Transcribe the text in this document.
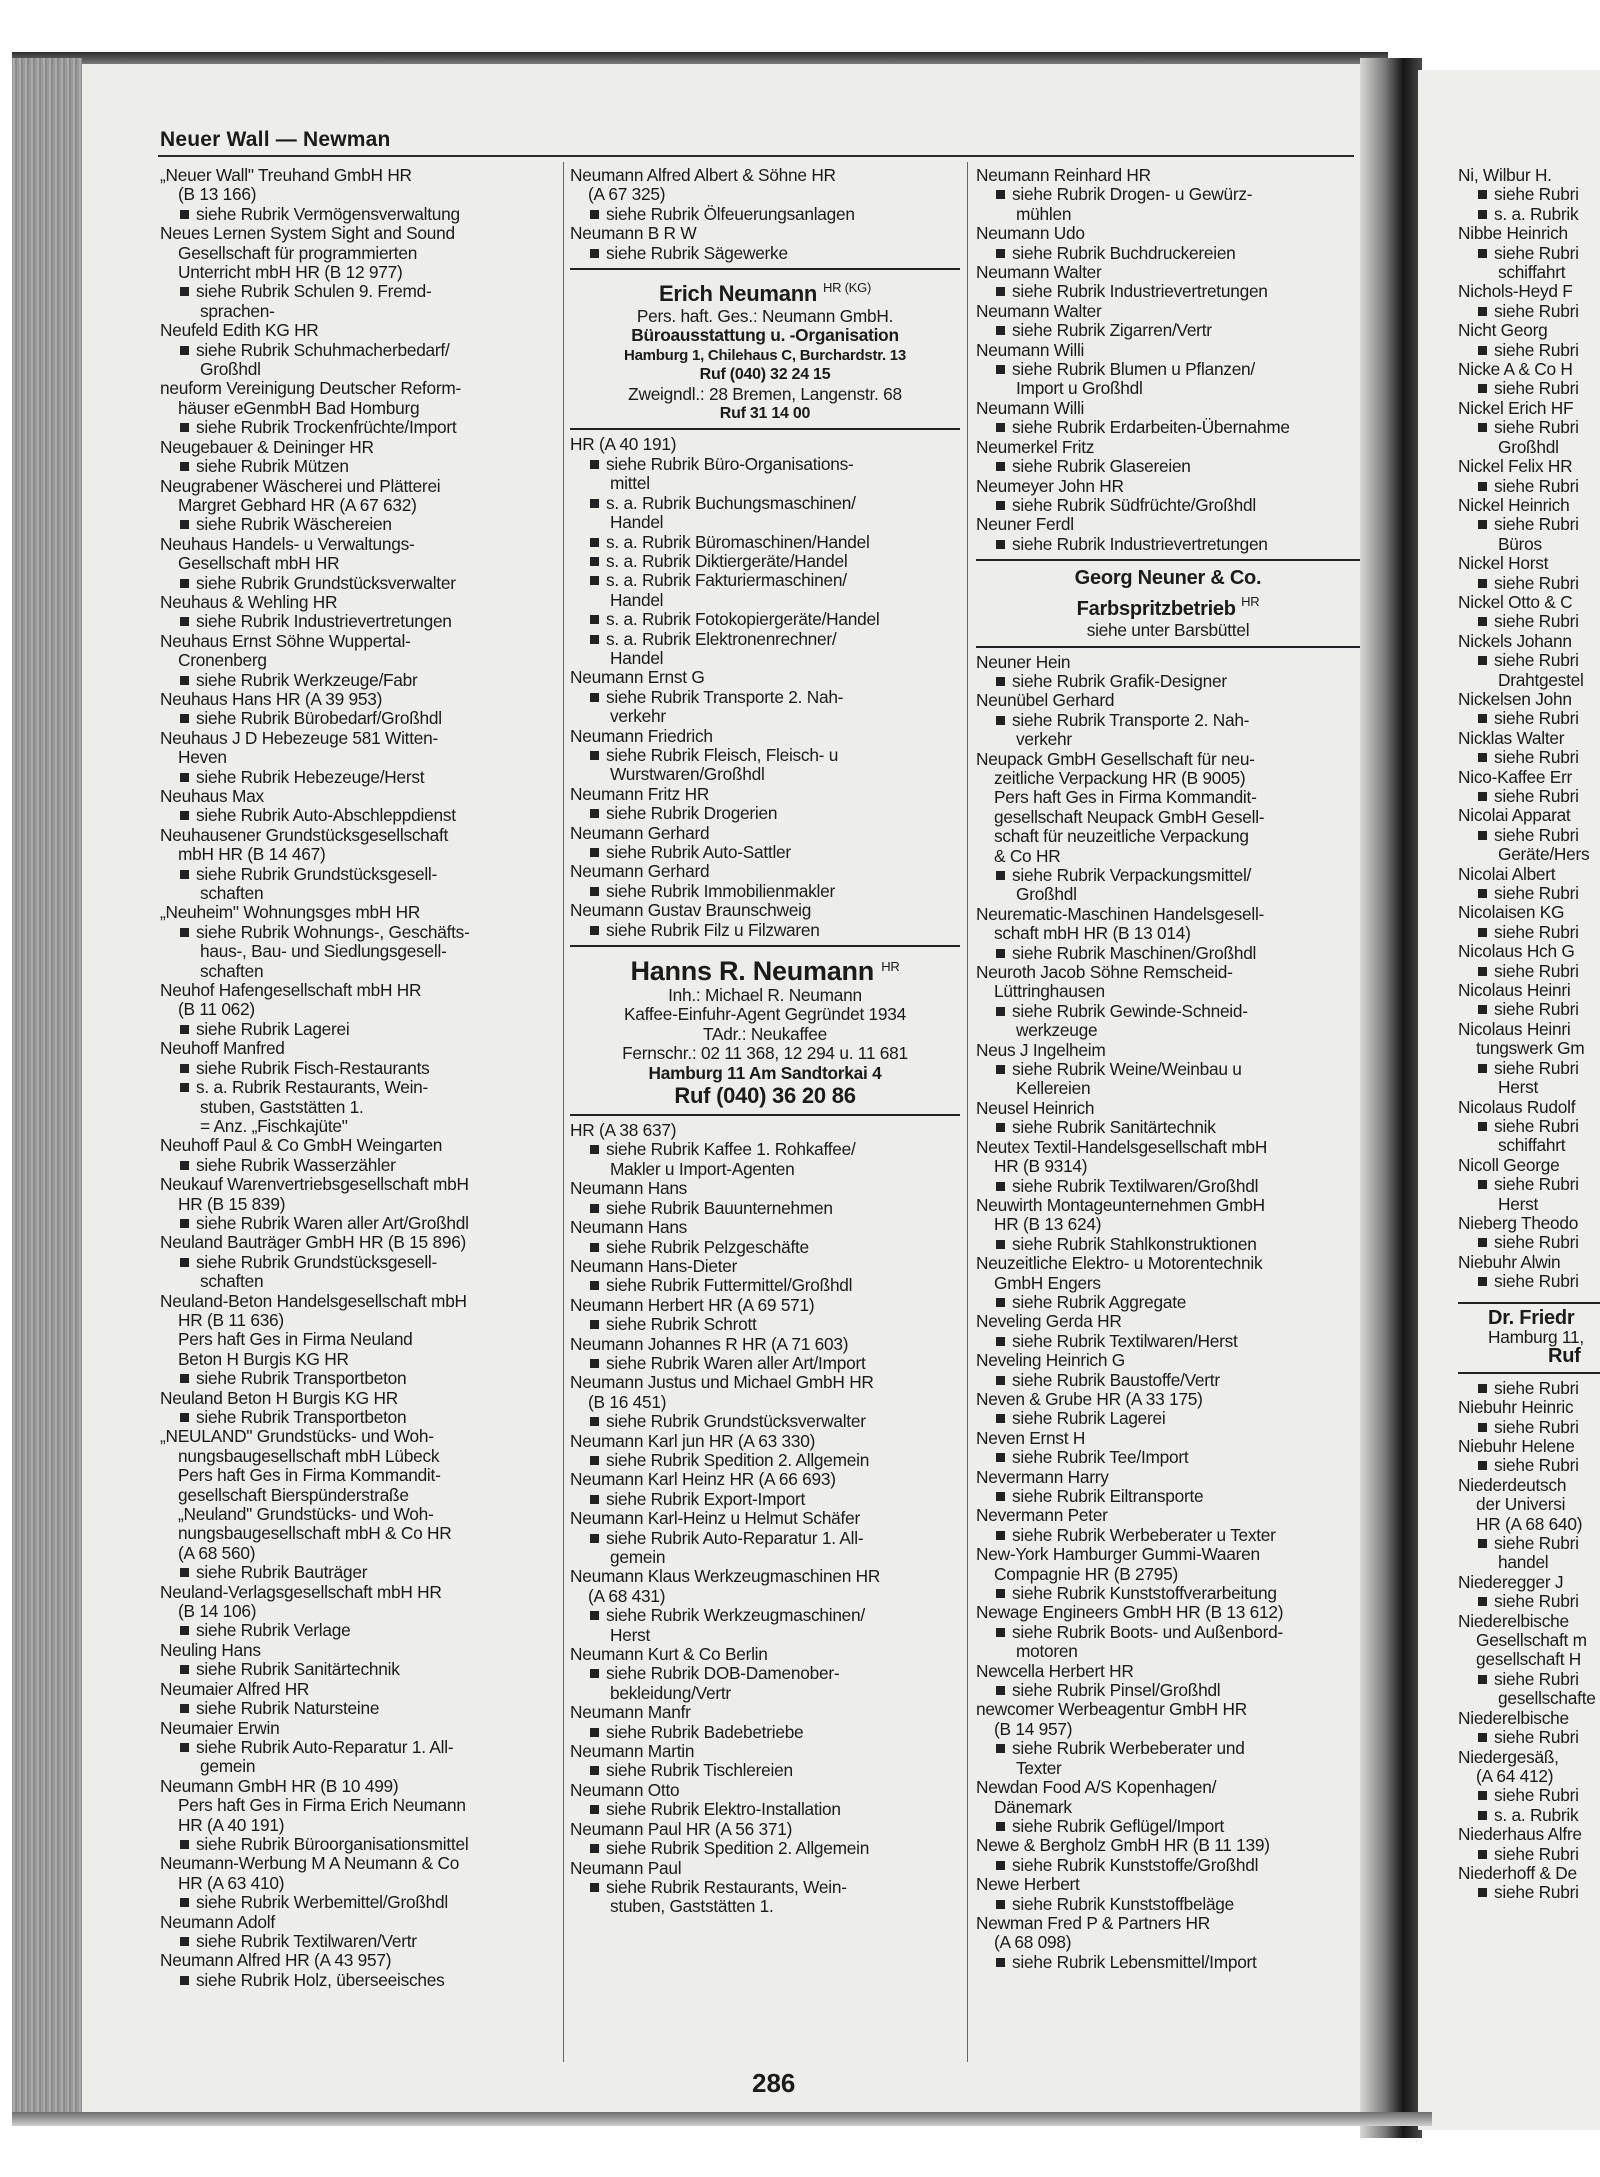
Neuer Wall — Newman
„Neuer Wall" Treuhand GmbH HR
(B 13 166)
siehe Rubrik Vermögensverwaltung
Neues Lernen System Sight and Sound
Gesellschaft für programmierten
Unterricht mbH HR (B 12 977)
siehe Rubrik Schulen 9. Fremd-
sprachen-
Neufeld Edith KG HR
siehe Rubrik Schuhmacherbedarf/
Großhdl
neuform Vereinigung Deutscher Reform-
häuser eGenmbH Bad Homburg
siehe Rubrik Trockenfrüchte/Import
Neugebauer & Deininger HR
siehe Rubrik Mützen
Neugrabener Wäscherei und Plätterei
Margret Gebhard HR (A 67 632)
siehe Rubrik Wäschereien
Neuhaus Handels- u Verwaltungs-
Gesellschaft mbH HR
siehe Rubrik Grundstücksverwalter
Neuhaus & Wehling HR
siehe Rubrik Industrievertretungen
Neuhaus Ernst Söhne Wuppertal-
Cronenberg
siehe Rubrik Werkzeuge/Fabr
Neuhaus Hans HR (A 39 953)
siehe Rubrik Bürobedarf/Großhdl
Neuhaus J D Hebezeuge 581 Witten-
Heven
siehe Rubrik Hebezeuge/Herst
Neuhaus Max
siehe Rubrik Auto-Abschleppdienst
Neuhausener Grundstücksgesellschaft
mbH HR (B 14 467)
siehe Rubrik Grundstücksgesell-
schaften
„Neuheim" Wohnungsges mbH HR
siehe Rubrik Wohnungs-, Geschäfts-
haus-, Bau- und Siedlungsgesell-
schaften
Neuhof Hafengesellschaft mbH HR
(B 11 062)
siehe Rubrik Lagerei
Neuhoff Manfred
siehe Rubrik Fisch-Restaurants
s. a. Rubrik Restaurants, Wein-
stuben, Gaststätten 1.
= Anz. „Fischkajüte"
Neuhoff Paul & Co GmbH Weingarten
siehe Rubrik Wasserzähler
Neukauf Warenvertriebsgesellschaft mbH
HR (B 15 839)
siehe Rubrik Waren aller Art/Großhdl
Neuland Bauträger GmbH HR (B 15 896)
siehe Rubrik Grundstücksgesell-
schaften
Neuland-Beton Handelsgesellschaft mbH
HR (B 11 636)
Pers haft Ges in Firma Neuland
Beton H Burgis KG HR
siehe Rubrik Transportbeton
Neuland Beton H Burgis KG HR
siehe Rubrik Transportbeton
„NEULAND" Grundstücks- und Woh-
nungsbaugesellschaft mbH Lübeck
Pers haft Ges in Firma Kommandit-
gesellschaft Bierspünderstraße
„Neuland" Grundstücks- und Woh-
nungsbaugesellschaft mbH & Co HR
(A 68 560)
siehe Rubrik Bauträger
Neuland-Verlagsgesellschaft mbH HR
(B 14 106)
siehe Rubrik Verlage
Neuling Hans
siehe Rubrik Sanitärtechnik
Neumaier Alfred HR
siehe Rubrik Natursteine
Neumaier Erwin
siehe Rubrik Auto-Reparatur 1. All-
gemein
Neumann GmbH HR (B 10 499)
Pers haft Ges in Firma Erich Neumann
HR (A 40 191)
siehe Rubrik Büroorganisationsmittel
Neumann-Werbung M A Neumann & Co
HR (A 63 410)
siehe Rubrik Werbemittel/Großhdl
Neumann Adolf
siehe Rubrik Textilwaren/Vertr
Neumann Alfred HR (A 43 957)
siehe Rubrik Holz, überseeisches
Neumann Alfred Albert & Söhne HR
(A 67 325)
siehe Rubrik Ölfeuerungsanlagen
Neumann B R W
siehe Rubrik Sägewerke
Erich Neumann $^{HR (KG)}$
Pers. haft. Ges.: Neumann GmbH.
Büroausstattung u. -Organisation
Hamburg 1, Chilehaus C, Burchardstr. 13
Ruf (040) 32 24 15
Zweigndl.: 28 Bremen, Langenstr. 68
Ruf 31 14 00
HR (A 40 191)
siehe Rubrik Büro-Organisations-
mittel
s. a. Rubrik Buchungsmaschinen/
Handel
s. a. Rubrik Büromaschinen/Handel
s. a. Rubrik Diktiergeräte/Handel
s. a. Rubrik Fakturiermaschinen/
Handel
s. a. Rubrik Fotokopiergeräte/Handel
s. a. Rubrik Elektronenrechner/
Handel
Neumann Ernst G
siehe Rubrik Transporte 2. Nah-
verkehr
Neumann Friedrich
siehe Rubrik Fleisch, Fleisch- u
Wurstwaren/Großhdl
Neumann Fritz HR
siehe Rubrik Drogerien
Neumann Gerhard
siehe Rubrik Auto-Sattler
Neumann Gerhard
siehe Rubrik Immobilienmakler
Neumann Gustav Braunschweig
siehe Rubrik Filz u Filzwaren
Hanns R. Neumann $^{HR}$
Inh.: Michael R. Neumann
Kaffee-Einfuhr-Agent Gegründet 1934
TAdr.: Neukaffee
Fernschr.: 02 11 368, 12 294 u. 11 681
Hamburg 11 Am Sandtorkai 4
Ruf (040) 36 20 86
HR (A 38 637)
siehe Rubrik Kaffee 1. Rohkaffee/
Makler u Import-Agenten
Neumann Hans
siehe Rubrik Bauunternehmen
Neumann Hans
siehe Rubrik Pelzgeschäfte
Neumann Hans-Dieter
siehe Rubrik Futtermittel/Großhdl
Neumann Herbert HR (A 69 571)
siehe Rubrik Schrott
Neumann Johannes R HR (A 71 603)
siehe Rubrik Waren aller Art/Import
Neumann Justus und Michael GmbH HR
(B 16 451)
siehe Rubrik Grundstücksverwalter
Neumann Karl jun HR (A 63 330)
siehe Rubrik Spedition 2. Allgemein
Neumann Karl Heinz HR (A 66 693)
siehe Rubrik Export-Import
Neumann Karl-Heinz u Helmut Schäfer
siehe Rubrik Auto-Reparatur 1. All-
gemein
Neumann Klaus Werkzeugmaschinen HR
(A 68 431)
siehe Rubrik Werkzeugmaschinen/
Herst
Neumann Kurt & Co Berlin
siehe Rubrik DOB-Damenober-
bekleidung/Vertr
Neumann Manfr
siehe Rubrik Badebetriebe
Neumann Martin
siehe Rubrik Tischlereien
Neumann Otto
siehe Rubrik Elektro-Installation
Neumann Paul HR (A 56 371)
siehe Rubrik Spedition 2. Allgemein
Neumann Paul
siehe Rubrik Restaurants, Wein-
stuben, Gaststätten 1.
Neumann Reinhard HR
siehe Rubrik Drogen- u Gewürz-
mühlen
Neumann Udo
siehe Rubrik Buchdruckereien
Neumann Walter
siehe Rubrik Industrievertretungen
Neumann Walter
siehe Rubrik Zigarren/Vertr
Neumann Willi
siehe Rubrik Blumen u Pflanzen/
Import u Großhdl
Neumann Willi
siehe Rubrik Erdarbeiten-Übernahme
Neumerkel Fritz
siehe Rubrik Glasereien
Neumeyer John HR
siehe Rubrik Südfrüchte/Großhdl
Neuner Ferdl
siehe Rubrik Industrievertretungen
Georg Neuner & Co.
Farbspritzbetrieb $^{HR}$
siehe unter Barsbüttel
Neuner Hein
siehe Rubrik Grafik-Designer
Neunübel Gerhard
siehe Rubrik Transporte 2. Nah-
verkehr
Neupack GmbH Gesellschaft für neu-
zeitliche Verpackung HR (B 9005)
Pers haft Ges in Firma Kommandit-
gesellschaft Neupack GmbH Gesell-
schaft für neuzeitliche Verpackung
& Co HR
siehe Rubrik Verpackungsmittel/
Großhdl
Neurematic-Maschinen Handelsgesell-
schaft mbH HR (B 13 014)
siehe Rubrik Maschinen/Großhdl
Neuroth Jacob Söhne Remscheid-
Lüttringhausen
siehe Rubrik Gewinde-Schneid-
werkzeuge
Neus J Ingelheim
siehe Rubrik Weine/Weinbau u
Kellereien
Neusel Heinrich
siehe Rubrik Sanitärtechnik
Neutex Textil-Handelsgesellschaft mbH
HR (B 9314)
siehe Rubrik Textilwaren/Großhdl
Neuwirth Montageunternehmen GmbH
HR (B 13 624)
siehe Rubrik Stahlkonstruktionen
Neuzeitliche Elektro- u Motorentechnik
GmbH Engers
siehe Rubrik Aggregate
Neveling Gerda HR
siehe Rubrik Textilwaren/Herst
Neveling Heinrich G
siehe Rubrik Baustoffe/Vertr
Neven & Grube HR (A 33 175)
siehe Rubrik Lagerei
Neven Ernst H
siehe Rubrik Tee/Import
Nevermann Harry
siehe Rubrik Eiltransporte
Nevermann Peter
siehe Rubrik Werbeberater u Texter
New-York Hamburger Gummi-Waaren
Compagnie HR (B 2795)
siehe Rubrik Kunststoffverarbeitung
Newage Engineers GmbH HR (B 13 612)
siehe Rubrik Boots- und Außenbord-
motoren
Newcella Herbert HR
siehe Rubrik Pinsel/Großhdl
newcomer Werbeagentur GmbH HR
(B 14 957)
siehe Rubrik Werbeberater und
Texter
Newdan Food A/S Kopenhagen/
Dänemark
siehe Rubrik Geflügel/Import
Newe & Bergholz GmbH HR (B 11 139)
siehe Rubrik Kunststoffe/Großhdl
Newe Herbert
siehe Rubrik Kunststoffbeläge
Newman Fred P & Partners HR
(A 68 098)
siehe Rubrik Lebensmittel/Import
Ni, Wilbur H.
siehe Rubri
s. a. Rubrik
Nibbe Heinrich
siehe Rubri
schiffahrt
Nichols-Heyd F
siehe Rubri
Nicht Georg
siehe Rubri
Nicke A & Co H
siehe Rubri
Nickel Erich HF
siehe Rubri
Großhdl
Nickel Felix HR
siehe Rubri
Nickel Heinrich
siehe Rubri
Büros
Nickel Horst
siehe Rubri
Nickel Otto & C
siehe Rubri
Nickels Johann
siehe Rubri
Drahtgestel
Nickelsen John
siehe Rubri
Nicklas Walter
siehe Rubri
Nico-Kaffee Err
siehe Rubri
Nicolai Apparat
siehe Rubri
Geräte/Hers
Nicolai Albert
siehe Rubri
Nicolaisen KG
siehe Rubri
Nicolaus Hch G
siehe Rubri
Nicolaus Heinri
siehe Rubri
Nicolaus Heinri
tungswerk Gm
siehe Rubri
Herst
Nicolaus Rudolf
siehe Rubri
schiffahrt
Nicoll George
siehe Rubri
Herst
Nieberg Theodo
siehe Rubri
Niebuhr Alwin
siehe Rubri
Dr. Friedr
Hamburg 11,
Ruf
siehe Rubri
Niebuhr Heinric
siehe Rubri
Niebuhr Helene
siehe Rubri
Niederdeutsch
der Universi
HR (A 68 640)
siehe Rubri
handel
Niederegger J
siehe Rubri
Niederelbische
Gesellschaft m
gesellschaft H
siehe Rubri
gesellschafte
Niederelbische
siehe Rubri
Niedergesäß,
(A 64 412)
siehe Rubri
s. a. Rubrik
Niederhaus Alfre
siehe Rubri
Niederhoff & De
siehe Rubri
286
